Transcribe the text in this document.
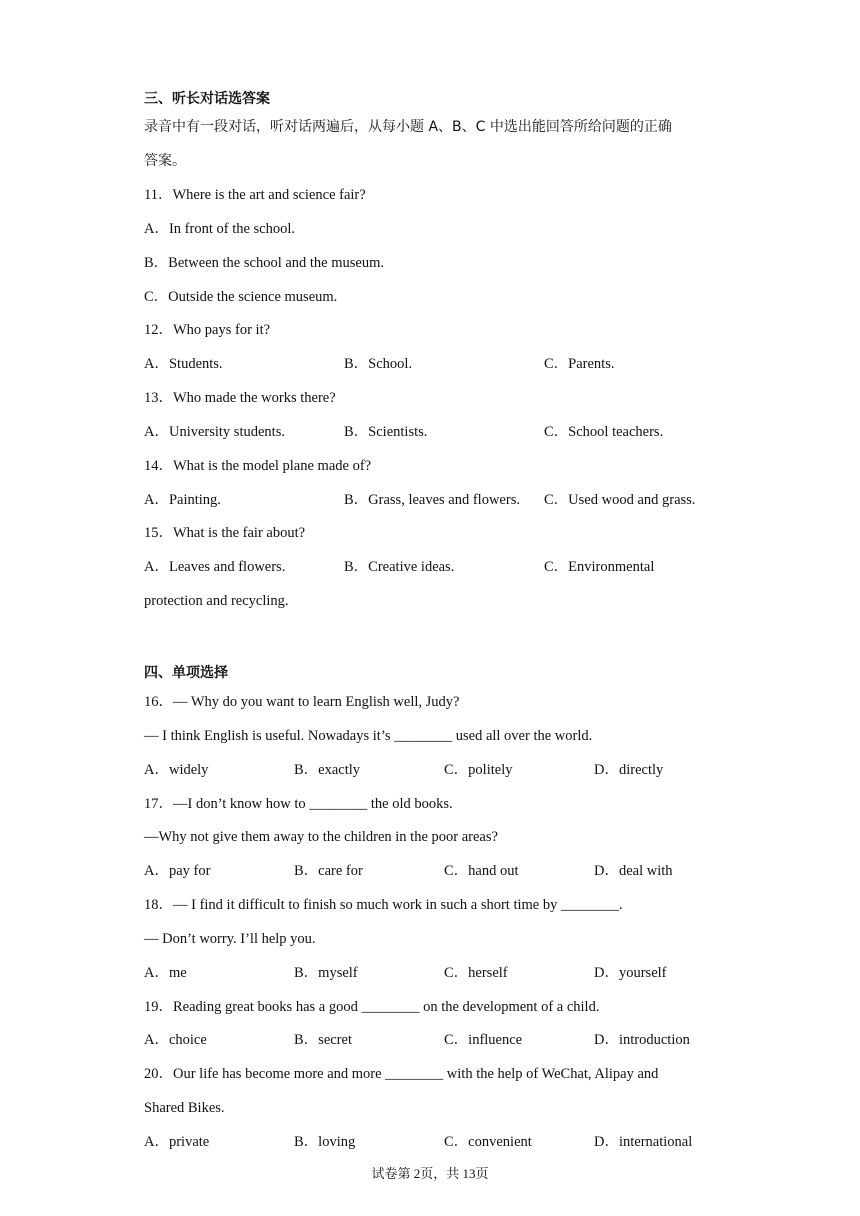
三、听长对话选答案
录音中有一段对话，听对话两遍后，从每小题 A、B、C 中选出能回答所给问题的正确
答案。
11．Where is the art and science fair?
A．In front of the school.
B．Between the school and the museum.
C．Outside the science museum.
12．Who pays for it?
A．Students.	B．School.	C．Parents.
13．Who made the works there?
A．University students.	B．Scientists.	C．School teachers.
14．What is the model plane made of?
A．Painting.	B．Grass, leaves and flowers. C．Used wood and grass.
15．What is the fair about?
A．Leaves and flowers.	B．Creative ideas.	C．Environmental
protection and recycling.
四、单项选择
16．— Why do you want to learn English well, Judy?
— I think English is useful. Nowadays it’s ________ used all over the world.
A．widely	B．exactly	C．politely	D．directly
17．—I don’t know how to ________ the old books.
—Why not give them away to the children in the poor areas?
A．pay for	B．care for	C．hand out	D．deal with
18．— I find it difficult to finish so much work in such a short time by ________.
— Don’t worry. I’ll help you.
A．me	B．myself	C．herself	D．yourself
19．Reading great books has a good ________ on the development of a child.
A．choice	B．secret	C．influence	D．introduction
20．Our life has become more and more ________ with the help of WeChat, Alipay and
Shared Bikes.
A．private	B．loving	C．convenient	D．international
试卷第 2页，共 13页
